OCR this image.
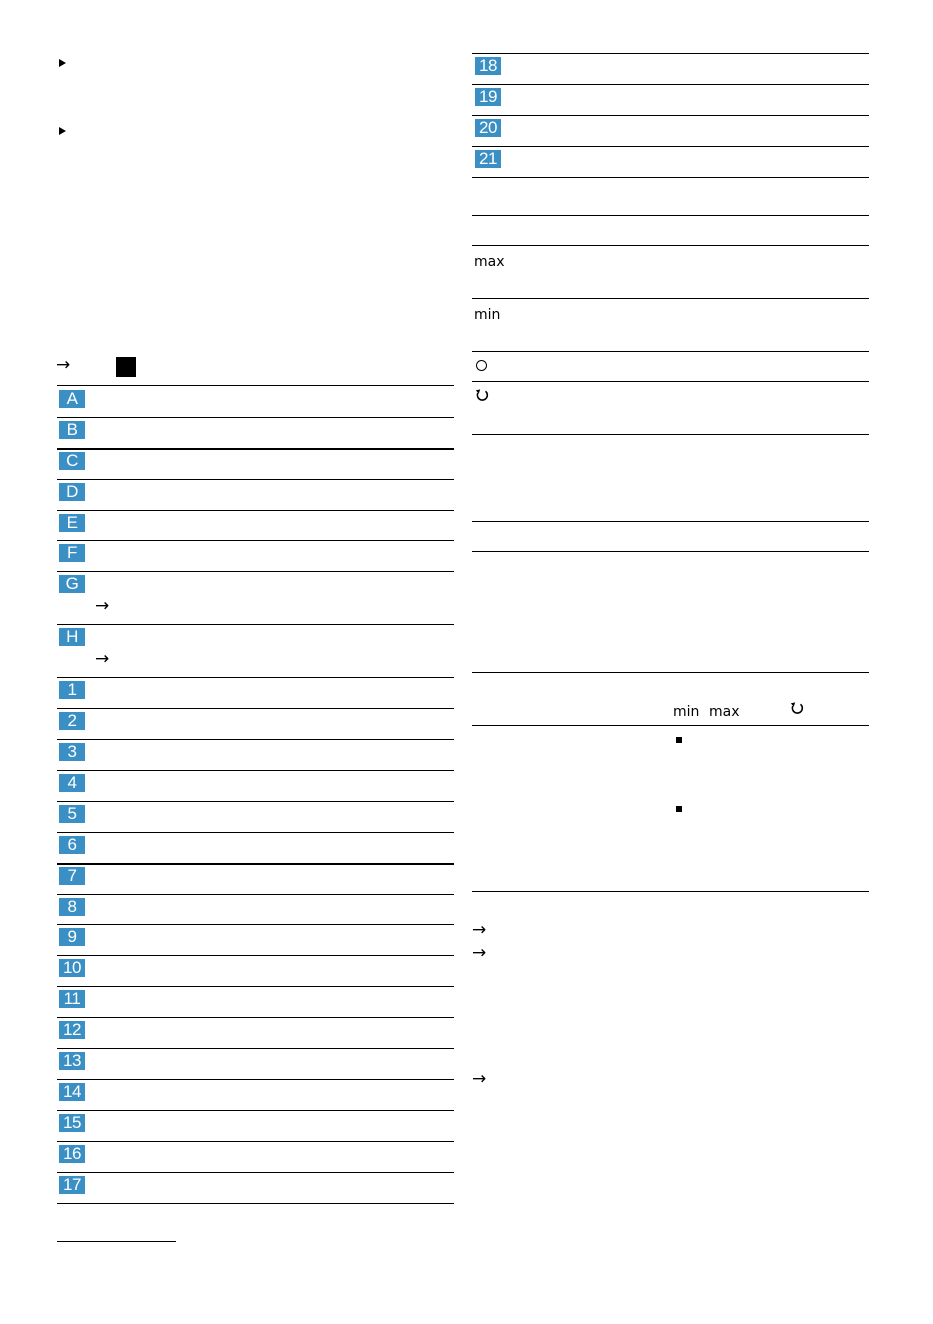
→
A
B
C
D
E
F
G
→
H
→
1
2
3
4
5
6
7
8
9
10
11
12
13
14
15
16
17
18
19
20
21
max
min
min max
→
→
→
